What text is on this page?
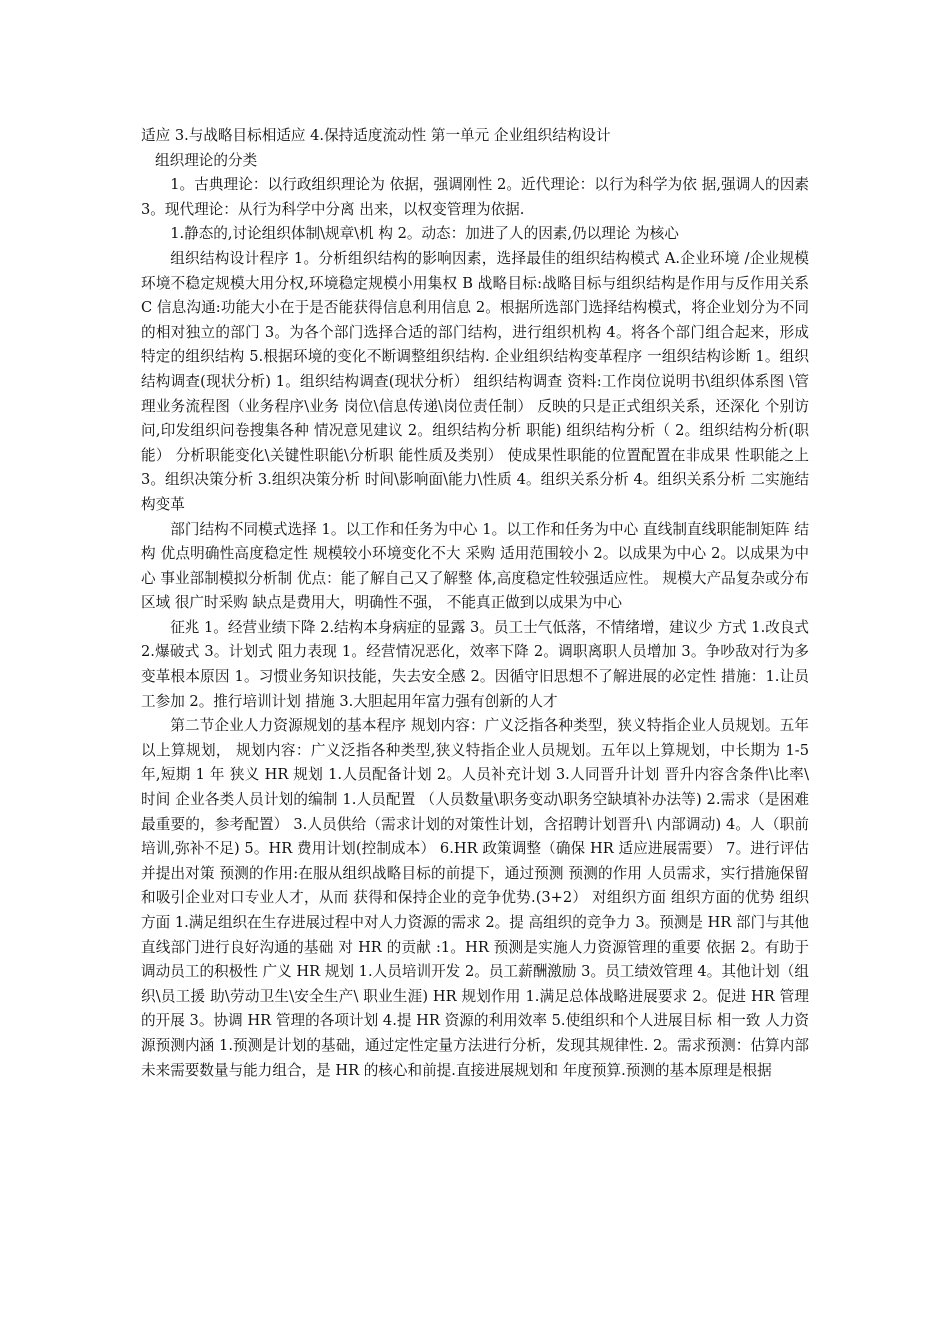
适应 3.与战略目标相适应 4.保持适度流动性 第一单元 企业组织结构设计

组织理论的分类

1。古典理论：以行政组织理论为 依据，强调刚性 2。近代理论：以行为科学为依 据,强调人的因素 3。现代理论：从行为科学中分离 出来，以权变管理为依据.

1.静态的,讨论组织体制\规章\机 构 2。动态：加进了人的因素,仍以理论 为核心

组织结构设计程序 1。分析组织结构的影响因素，选择最佳的组织结构模式 A.企业环境 /企业规模 环境不稳定规模大用分权,环境稳定规模小用集权 B 战略目标:战略目标与组织结构是作用与反作用关系 C 信息沟通:功能大小在于是否能获得信息利用信息 2。根据所选部门选择结构模式，将企业划分为不同的相对独立的部门 3。为各个部门选择合适的部门结构，进行组织机构 4。将各个部门组合起来，形成特定的组织结构 5.根据环境的变化不断调整组织结构. 企业组织结构变革程序 一组织结构诊断 1。组织结构调查(现状分析) 1。组织结构调查(现状分析） 组织结构调查 资料:工作岗位说明书\组织体系图 \管理业务流程图（业务程序\业务 岗位\信息传递\岗位责任制） 反映的只是正式组织关系，还深化 个别访问,印发组织问卷搜集各种 情况意见建议 2。组织结构分析 职能) 组织结构分析（ 2。组织结构分析(职能） 分析职能变化\关键性职能\分析职 能性质及类别） 使成果性职能的位置配置在非成果 性职能之上 3。组织决策分析 3.组织决策分析 时间\影响面\能力\性质 4。组织关系分析 4。组织关系分析 二实施结构变革

部门结构不同模式选择 1。以工作和任务为中心 1。以工作和任务为中心 直线制直线职能制矩阵 结构 优点明确性高度稳定性 规模较小环境变化不大 采购 适用范围较小 2。以成果为中心 2。以成果为中心 事业部制模拟分析制 优点：能了解自己又了解整 体,高度稳定性较强适应性。 规模大产品复杂或分布区域 很广时采购 缺点是费用大，明确性不强， 不能真正做到以成果为中心

征兆 1。经营业绩下降 2.结构本身病症的显露 3。员工士气低落，不情绪增，建议少 方式 1.改良式 2.爆破式 3。计划式 阻力表现 1。经营情况恶化，效率下降 2。调职离职人员增加 3。争吵敌对行为多 变革根本原因 1。习惯业务知识技能，失去安全感 2。因循守旧思想不了解进展的必定性 措施：1.让员工参加 2。推行培训计划 措施 3.大胆起用年富力强有创新的人才

第二节企业人力资源规划的基本程序 规划内容：广义泛指各种类型，狭义特指企业人员规划。五年以上算规划， 规划内容：广义泛指各种类型,狭义特指企业人员规划。五年以上算规划，中长期为 1-5 年,短期 1 年 狭义 HR 规划 1.人员配备计划 2。人员补充计划 3.人同晋升计划 晋升内容含条件\比率\ 时间 企业各类人员计划的编制 1.人员配置 （人员数量\职务变动\职务空缺填补办法等) 2.需求（是困难最重要的，参考配置） 3.人员供给（需求计划的对策性计划，含招聘计划晋升\ 内部调动) 4。人（职前培训,弥补不足) 5。HR 费用计划(控制成本） 6.HR 政策调整（确保 HR 适应进展需要） 7。进行评估并提出对策 预测的作用:在服从组织战略目标的前提下，通过预测 预测的作用 人员需求，实行措施保留和吸引企业对口专业人才，从而 获得和保持企业的竞争优势.(3+2） 对组织方面 组织方面的优势 组织方面 1.满足组织在生存进展过程中对人力资源的需求 2。提 高组织的竞争力 3。预测是 HR 部门与其他直线部门进行良好沟通的基础 对 HR 的贡献 :1。HR 预测是实施人力资源管理的重要 依据 2。有助于调动员工的积极性 广义 HR 规划 1.人员培训开发 2。员工薪酬激励 3。员工绩效管理 4。其他计划（组织\员工援 助\劳动卫生\安全生产\ 职业生涯) HR 规划作用 1.满足总体战略进展要求 2。促进 HR 管理的开展 3。协调 HR 管理的各项计划 4.提 HR 资源的利用效率 5.使组织和个人进展目标 相一致 人力资源预测内涵 1.预测是计划的基础，通过定性定量方法进行分析，发现其规律性. 2。需求预测：估算内部未来需要数量与能力组合，是 HR 的核心和前提.直接进展规划和 年度预算.预测的基本原理是根据
